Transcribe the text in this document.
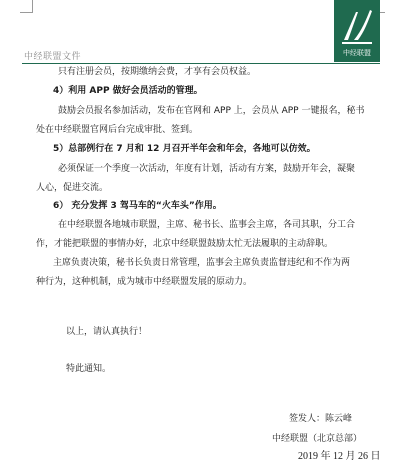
中经联盟文件	中经联盟
只有注册会员，按期缴纳会费，才享有会员权益。
4）利用 APP 做好会员活动的管理。
鼓励会员报名参加活动，发布在官网和 APP 上，会员从 APP 一键报名，秘书
处在中经联盟官网后台完成审批、签到。
5）总部例行在 7 月和 12 月召开半年会和年会，各地可以仿效。
必须保证一个季度一次活动，年度有计划，活动有方案，鼓励开年会，凝聚
人心，促进交流。
6） 充分发挥 3 驾马车的“火车头”作用。
在中经联盟各地城市联盟，主席、秘书长、监事会主席，各司其职，分工合
作，才能把联盟的事情办好，北京中经联盟鼓励太忙无法履职的主动辞职。
主席负责决策，秘书长负责日常管理，监事会主席负责监督违纪和不作为两
种行为，这种机制，成为城市中经联盟发展的原动力。
以上，请认真执行！
特此通知。
签发人：陈云峰
中经联盟（北京总部）
2019 年 12 月 26 日
